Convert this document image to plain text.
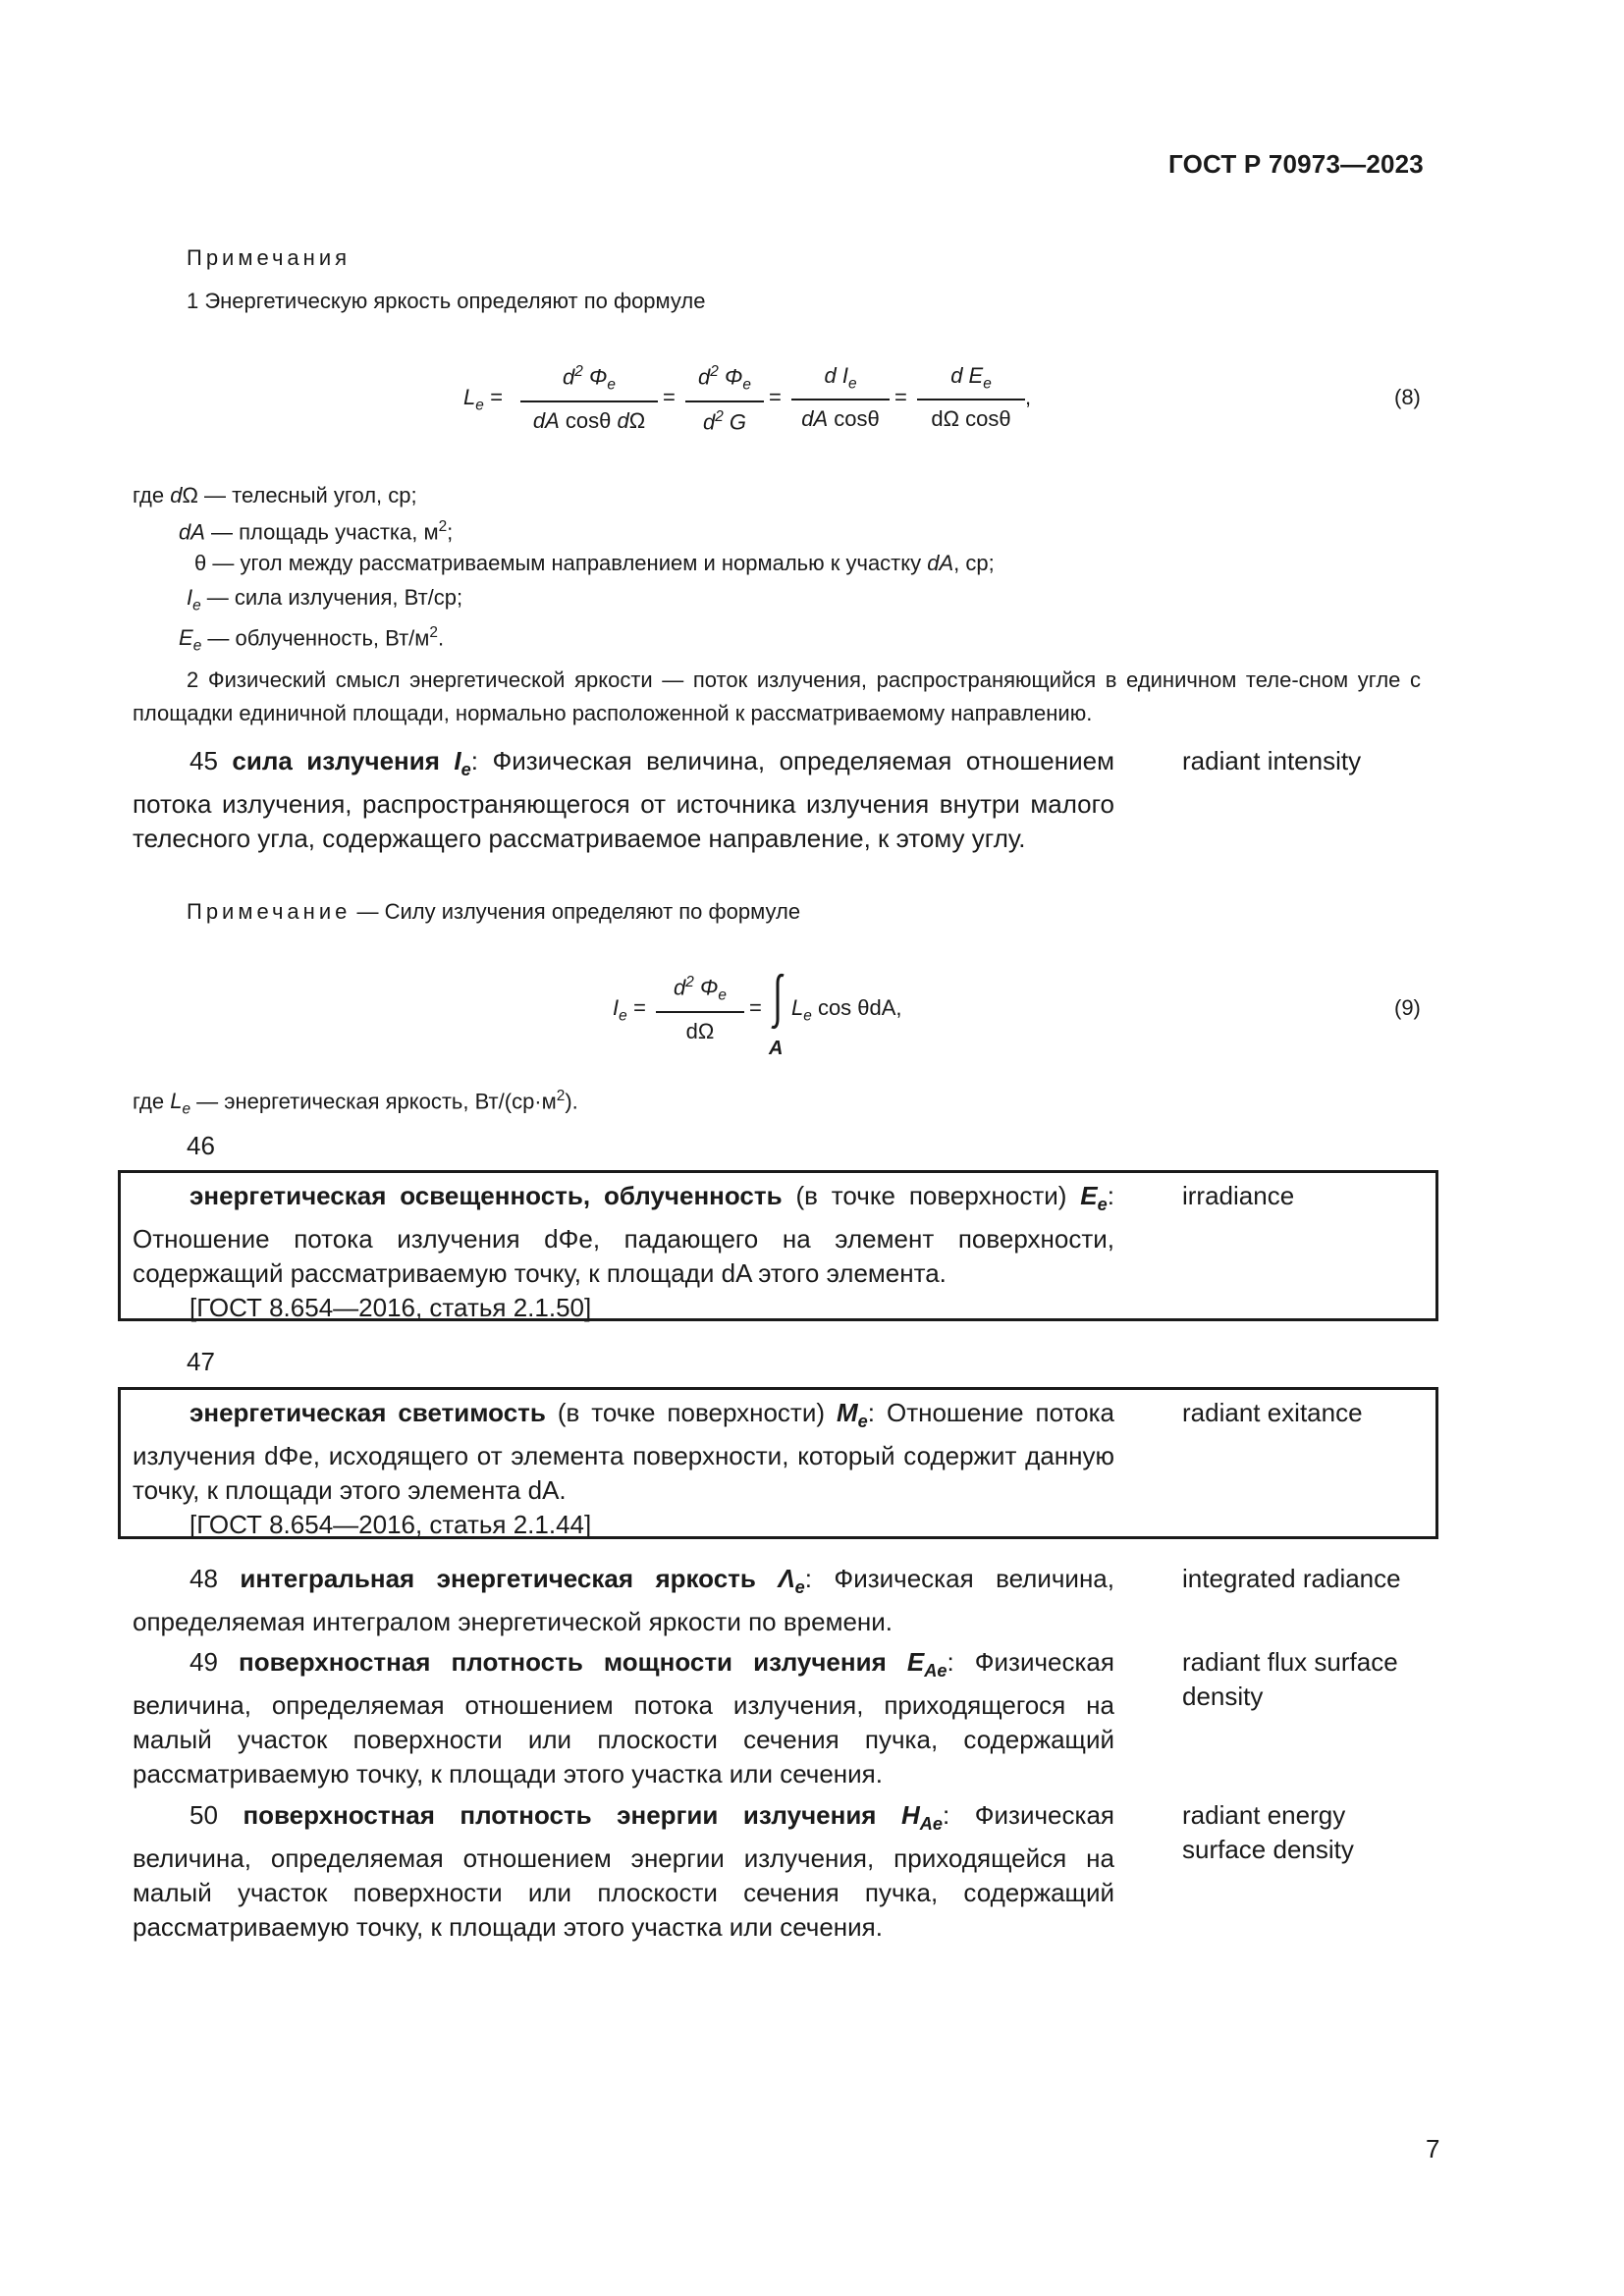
ГОСТ Р 70973—2023
Примечания
1 Энергетическую яркость определяют по формуле
$L_e = \frac{d^2 \Phi_e}{\text{dA cosθ dΩ}} = \frac{d^2 \Phi_e}{d^2 G} = \frac{d I_e}{\text{dA cosθ}} = \frac{d E_e}{\text{dΩ cosθ}}$ ,	(8)
где dΩ — телесный угол, ср;
dA — площадь участка, $м^2$;
θ — угол между рассматриваемым направлением и нормалью к участку dA, ср;
$I_e$ — сила излучения, Вт/ср;
$E_e$ — облученность, $Вт/м^2$.
2 Физический смысл энергетической яркости — поток излучения, распространяющийся в единичном теле-сном угле с площадки единичной площади, нормально расположенной к рассматриваемому направлению.
45 сила излучения $I_e$: Физическая величина, определяемая отношением потока излучения, распространяющегося от источника излучения внутри малого телесного угла, содержащего рассматриваемое направление, к этому углу.
radiant intensity
Примечание — Силу излучения определяют по формуле
$I_e = \frac{d^2 \Phi_e}{d\Omega}$ =
A
$L_e$ cos θdA,	(9)
где $L_e$ — энергетическая яркость, $Вт/(ср\cdot м^2)$.
46
энергетическая освещенность, облученность (в точке поверхности) $E_e$: Отношение потока излучения dΦe, падающего на элемент поверхности, содержащий рассматриваемую точку, к площади dA этого элемента.
[ГОСТ 8.654—2016, статья 2.1.50]
irradiance
47
энергетическая светимость (в точке поверхности) $M_e$: Отношение потока излучения dΦe, исходящего от элемента поверхности, который содержит данную точку, к площади этого элемента dA.
[ГОСТ 8.654—2016, статья 2.1.44]
radiant exitance
48 интегральная энергетическая яркость $\Lambda_e$: Физическая величина, определяемая интегралом энергетической яркости по времени.
integrated radiance
49 поверхностная плотность мощности излучения $E_{Ae}$: Физическая величина, определяемая отношением потока излучения, приходящегося на малый участок поверхности или плоскости сечения пучка, содержащий рассматриваемую точку, к площади этого участка или сечения.
radiant flux surface density
50 поверхностная плотность энергии излучения $H_{Ae}$: Физическая величина, определяемая отношением энергии излучения, приходящейся на малый участок поверхности или плоскости сечения пучка, содержащий рассматриваемую точку, к площади этого участка или сечения.
radiant energy surface density
7
